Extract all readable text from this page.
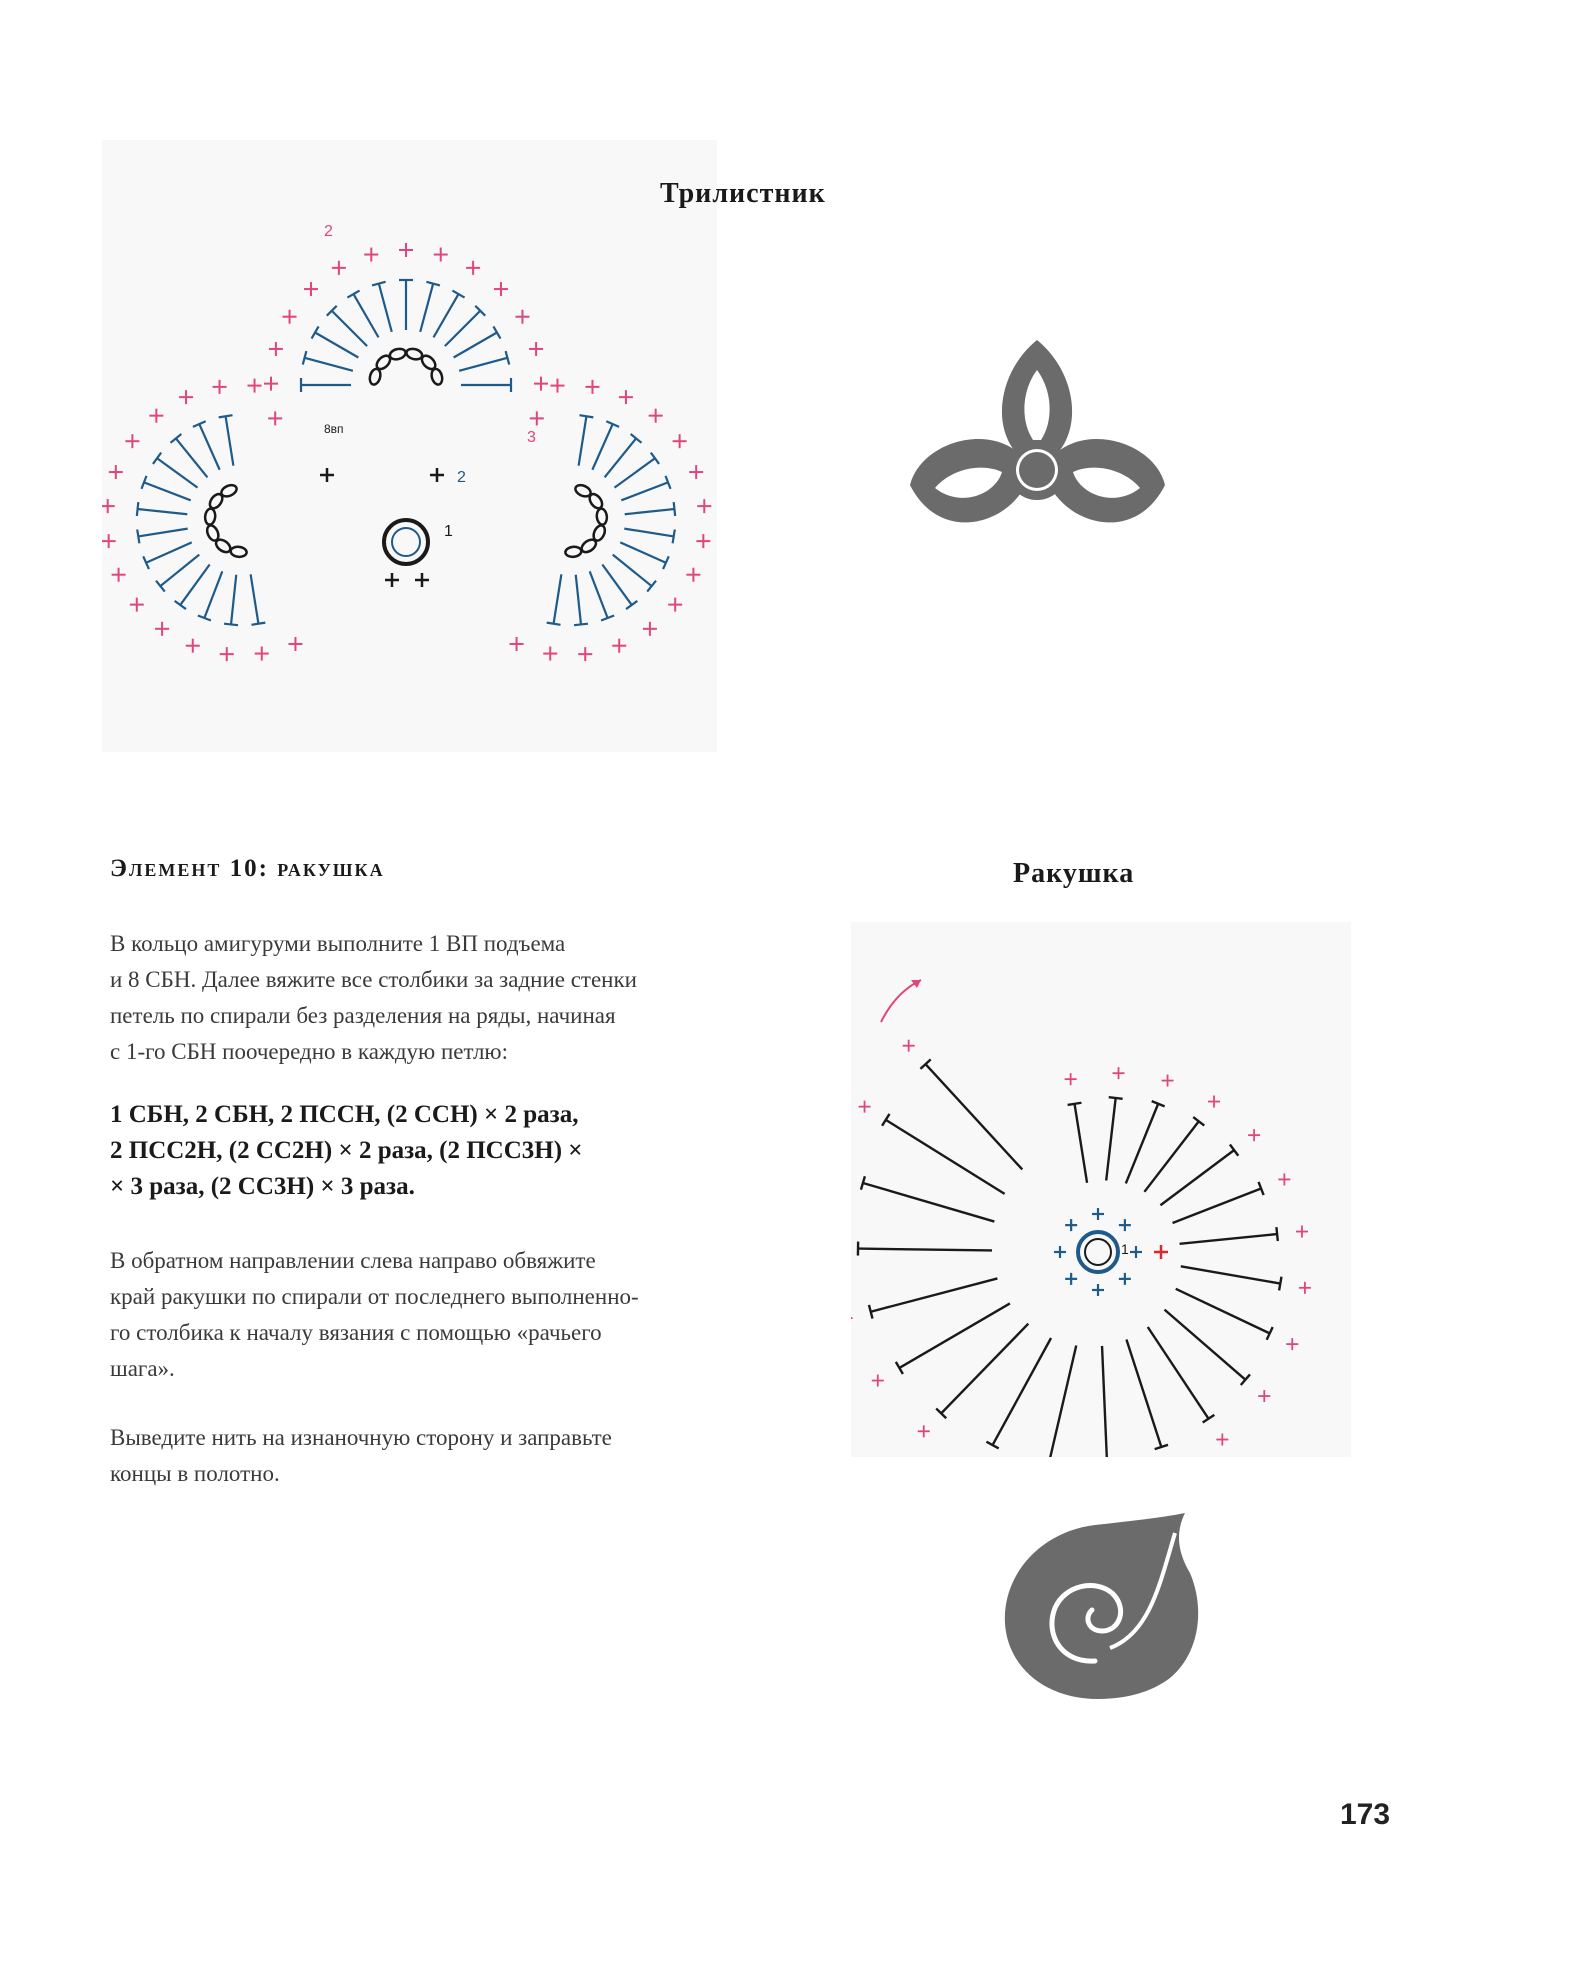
1
8вп
2
3
2
Трилистник
1
Ракушка
Элемент 10: ракушка
В кольцо амигуруми выполните 1 ВП подъема
и 8 СБН. Далее вяжите все столбики за задние стенки
петель по спирали без разделения на ряды, начиная
с 1-го СБН поочередно в каждую петлю:
1 СБН, 2 СБН, 2 ПССН, (2 ССН) × 2 раза,
2 ПСС2Н, (2 СС2Н) × 2 раза, (2 ПСС3Н) ×
× 3 раза, (2 СС3Н) × 3 раза.
В обратном направлении слева направо обвяжите
край ракушки по спирали от последнего выполненно-
го столбика к началу вязания с помощью «рачьего
шага».
Выведите нить на изнаночную сторону и заправьте
концы в полотно.
173
